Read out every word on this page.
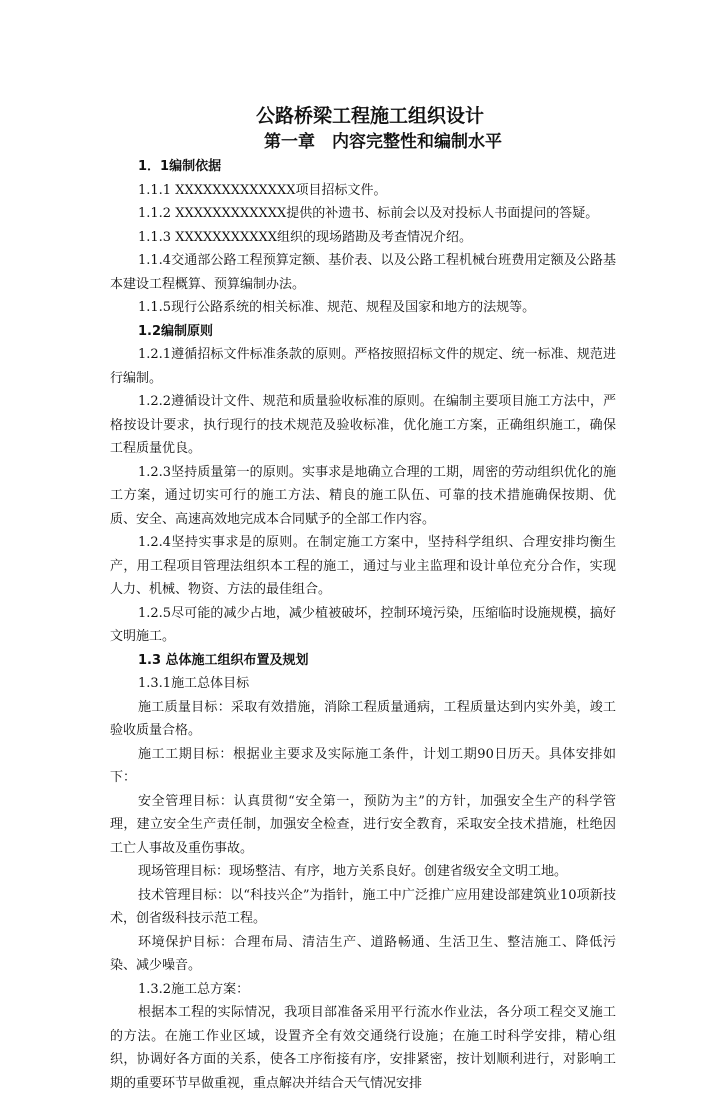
公路桥梁工程施工组织设计
第一章　内容完整性和编制水平

1．1编制依据

1.1.1 XXXXXXXXXXXXX项目招标文件。

1.1.2 XXXXXXXXXXXX提供的补遗书、标前会以及对投标人书面提问的答疑。

1.1.3 XXXXXXXXXXX组织的现场踏勘及考查情况介绍。

1.1.4交通部公路工程预算定额、基价表、以及公路工程机械台班费用定额及公路基本建设工程概算、预算编制办法。

1.1.5现行公路系统的相关标准、规范、规程及国家和地方的法规等。

1.2编制原则

1.2.1遵循招标文件标准条款的原则。严格按照招标文件的规定、统一标准、规范进行编制。

1.2.2遵循设计文件、规范和质量验收标准的原则。在编制主要项目施工方法中，严格按设计要求，执行现行的技术规范及验收标准，优化施工方案，正确组织施工，确保工程质量优良。

1.2.3坚持质量第一的原则。实事求是地确立合理的工期，周密的劳动组织优化的施工方案，通过切实可行的施工方法、精良的施工队伍、可靠的技术措施确保按期、优质、安全、高速高效地完成本合同赋予的全部工作内容。

1.2.4坚持实事求是的原则。在制定施工方案中，坚持科学组织、合理安排均衡生产，用工程项目管理法组织本工程的施工，通过与业主监理和设计单位充分合作，实现人力、机械、物资、方法的最佳组合。

1.2.5尽可能的减少占地，减少植被破坏，控制环境污染，压缩临时设施规模，搞好文明施工。

1.3 总体施工组织布置及规划

1.3.1施工总体目标

施工质量目标：采取有效措施，消除工程质量通病，工程质量达到内实外美，竣工验收质量合格。

施工工期目标：根据业主要求及实际施工条件，计划工期90日历天。具体安排如下：

安全管理目标：认真贯彻“安全第一，预防为主”的方针，加强安全生产的科学管理，建立安全生产责任制，加强安全检查，进行安全教育，采取安全技术措施，杜绝因工亡人事故及重伤事故。

现场管理目标：现场整洁、有序，地方关系良好。创建省级安全文明工地。

技术管理目标：以“科技兴企”为指针，施工中广泛推广应用建设部建筑业10项新技术，创省级科技示范工程。

环境保护目标：合理布局、清洁生产、道路畅通、生活卫生、整洁施工、降低污染、减少噪音。

1.3.2施工总方案：

根据本工程的实际情况，我项目部准备采用平行流水作业法，各分项工程交叉施工的方法。在施工作业区域，设置齐全有效交通绕行设施；在施工时科学安排，精心组织，协调好各方面的关系，使各工序衔接有序，安排紧密，按计划顺利进行，对影响工期的重要环节早做重视，重点解决并结合天气情况安排
